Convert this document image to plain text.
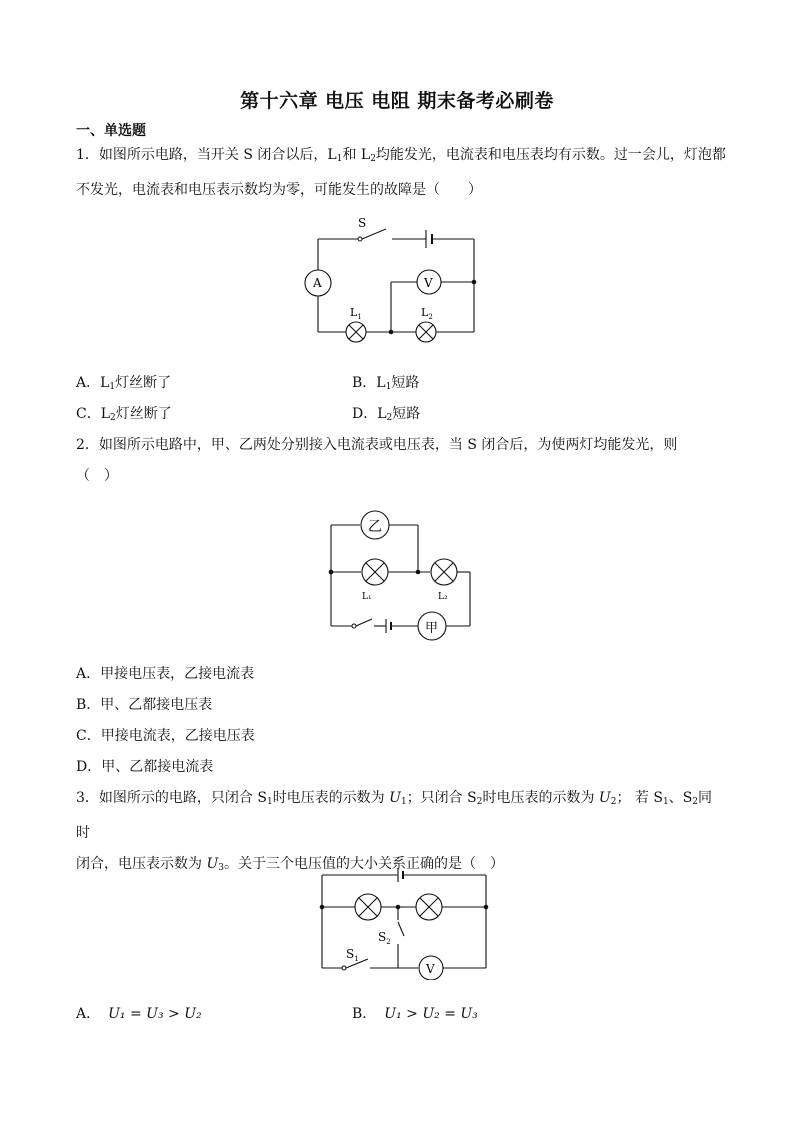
第十六章 电压 电阻 期末备考必刷卷
一、单选题
1．如图所示电路，当开关 S 闭合以后，$L_1$和 $L_2$均能发光，电流表和电压表均有示数。过一会儿，灯泡都
不发光，电流表和电压表示数均为零，可能发生的故障是（　　）
S
A	V
$L_1$	$L_2$
A．$L_1$灯丝断了	B．$L_1$短路
C．$L_2$灯丝断了	D．$L_2$短路
2．如图所示电路中，甲、乙两处分别接入电流表或电压表，当 S 闭合后，为使两灯均能发光，则
（　）
乙
甲
L₁	L₂
A．甲接电压表，乙接电流表
B．甲、乙都接电压表
C．甲接电流表，乙接电压表
D．甲、乙都接电流表
3．如图所示的电路，只闭合 $S_1$时电压表的示数为 $U_1$；只闭合 $S_2$时电压表的示数为 $U_2$； 若 $S_1$、$S_2$同时
闭合，电压表示数为 $U_3$。关于三个电压值的大小关系正确的是（　）
$S_2$
$S_1$
V
A． U₁ = U₃ > U₂	B． U₁ > U₂ = U₃
